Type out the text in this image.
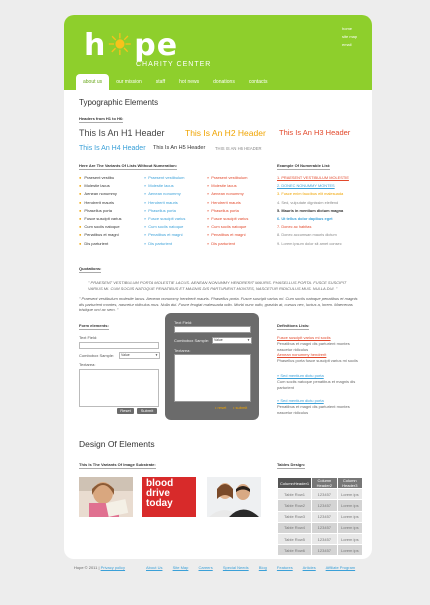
h☀pe
CHARITY CENTER
home
site map
email
about us	our mission	staff	hot news	donations	contacts
Typographic Elements
Headers from H1 to H6:
This Is An H1 Header This Is An H2 Header This Is An H3 Header
This Is An H4 Header This Is An H5 Header THIS IS AN H6 HEADER
Here Are The Variants Of Lists Without Numeration:	Example Of Numerable List:
● Praesent vestibu
● Molestie lacus
● Aenean nonummy
● Hendrerit mauris
● Phasellus porta
● Fusce suscipit varius
● Cum sociis natoque
● Penatibus et magni
● Dis parturient
» Praesent vestibulum
» Molestie lacus
» Aenean nonummy
» Hendrerit mauris
» Phasellus porta
» Fusce suscipit varius
» Cum sociis natoque
» Penatibus et magni
» Dis parturient
» Praesent vestibulum
» Molestie lacus
» Aenean nonummy
» Hendrerit mauris
» Phasellus porta
» Fusce suscipit varius
» Cum sociis natoque
» Penatibus et magni
» Dis parturient
1. PRAESENT VESTIBULUM MOLESTIE
2. DONEC NONUMMY MONTES
3. Fusce enim faucibus elit malesuada
4. Sed, vulputate dignissim eleifend
5. Mauris in mentium dictum magna
6. Ut tellus dolor dapibus eget
7. Donec ac habitas
8. Donec accumsan mauris dictum
9. Lorem ipsum dolor sit amet consec
Quotations:
" PRAESENT VESTIBULUM PORTA MOLESTIE LACUS. AENEAN NONUMMY HENDRERIT MAURIS. PHASELLUS PORTA. FUSCE SUSCIPIT VARIUS MI. CUM SOCIIS NATOQUE PENATIBUS ET MAGNIS DIS PARTURIENT MONTES, NASCETUR RIDICULUS MUS. NULLA DUI. "
" Praesent vestibulum molestie lacus. Aenean nonummy hendrerit mauris. Phasellus porta. Fusce suscipit varius mi. Cum sociis natoque penatibus et magnis dis parturient montes, nascetur ridiculus mus. Nulla dui. Fusce feugiat malesuada odio. Morbi nunc odio, gravida at, cursus nec, luctus a, lorem. Maecenas tristique orci ac sem. "
Form elements:
Text Field:
Combobox Sample:	Value	▼
Textarea:
Reset	Submit
Text Field:
Combobox Sample:	Value	▼
Textarea:
• reset • submit
Definitions Lists:
Fusce suscipit varius mi sociis
Penatibus et magni dis parturient montes nascetur ridiculus
Aenean nonummy hendrerit
Phasellus porta fusce suscipit varius mi sociis
» Sed mentium dictu porta
Cum sociis natoque penatibus et magnis dis parturient
» Sed mentium dictu porta
Penatibus et magni dis parturient montes nascetur ridiculus
Design Of Elements
This Is The Variants Of Image Substrate:	Tables Design:
blood
drive
today
ColumnHeader1	Column Header2	Column Header3
Table Row1	123457	Lorem ips
Table Row2	123457	Lorem ips
Table Row3	123457	Lorem ips
Table Row4	123457	Lorem ips
Table Row5	123457	Lorem ips
Table Row6	123457	Lorem ips
Hope © 2011 | Privacy policy	About Us	Site Map	Careers	Special Needs	Blog	Features Articles Affiliate Program
